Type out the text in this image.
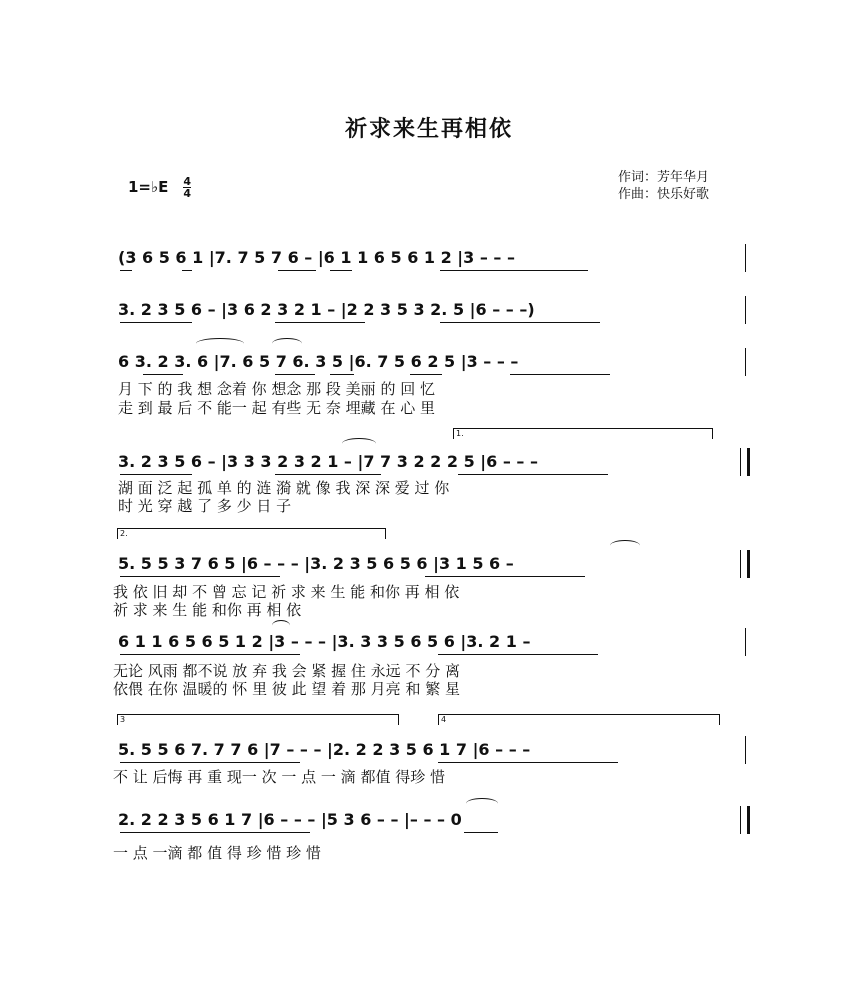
祈求来生再相依
作词：芳年华月
作曲：快乐好歌
1=♭E $\frac{4}{4}$
(3 6 5 6 1 |7. 7 5 7 6 – |6 1 1 6 5 6 1 2 |3 – – –
3. 2 3 5 6 – |3 6 2 3 2 1 – |2 2 3 5 3 2. 5 |6 – – –)
6 3. 2 3. 6 |7. 6 5 7 6. 3 5 |6. 7 5 6 2 5 |3 – – –
月 下 的 我 想 念着 你 想念 那 段 美丽 的 回 忆
走 到 最 后 不 能一 起 有些 无 奈 埋藏 在 心 里
3. 2 3 5 6 – |3 3 3 2 3 2 1 – |7 7 3 2 2 2 5 |6 – – –
湖 面 泛 起 孤 单 的 涟 漪 就 像 我 深 深 爱 过 你
时 光 穿 越 了 多 少 日 子
5. 5 5 3 7 6 5 |6 – – – |3. 2 3 5 6 5 6 |3 1 5 6 –
我 依 旧 却 不 曾 忘 记 祈 求 来 生 能 和你 再 相 依
祈 求 来 生 能 和你 再 相 依
6 1 1 6 5 6 5 1 2 |3 – – – |3. 3 3 5 6 5 6 |3. 2 1 –
无论 风雨 都不说 放 弃 我 会 紧 握 住 永远 不 分 离
依偎 在你 温暖的 怀 里 彼 此 望 着 那 月亮 和 繁 星
5. 5 5 6 7. 7 7 6 |7 – – – |2. 2 2 3 5 6 1 7 |6 – – –
不 让 后悔 再 重 现一 次 一 点 一 滴 都值 得珍 惜
2. 2 2 3 5 6 1 7 |6 – – – |5 3 6 – – |– – – 0
一 点 一滴 都 值 得 珍 惜 珍 惜
1.
2.
3	4
